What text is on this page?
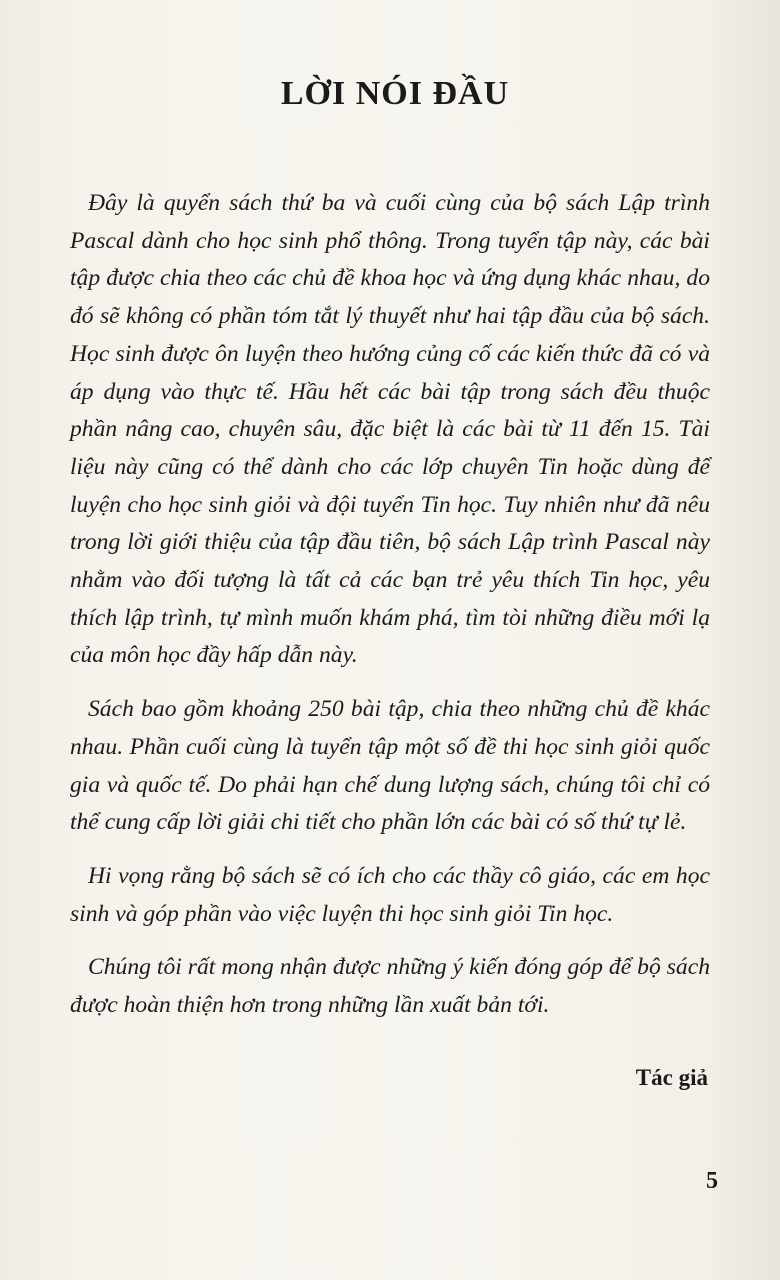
LỜI NÓI ĐẦU

Đây là quyển sách thứ ba và cuối cùng của bộ sách Lập trình Pascal dành cho học sinh phổ thông. Trong tuyển tập này, các bài tập được chia theo các chủ đề khoa học và ứng dụng khác nhau, do đó sẽ không có phần tóm tắt lý thuyết như hai tập đầu của bộ sách. Học sinh được ôn luyện theo hướng củng cố các kiến thức đã có và áp dụng vào thực tế. Hầu hết các bài tập trong sách đều thuộc phần nâng cao, chuyên sâu, đặc biệt là các bài từ 11 đến 15. Tài liệu này cũng có thể dành cho các lớp chuyên Tin hoặc dùng để luyện cho học sinh giỏi và đội tuyển Tin học. Tuy nhiên như đã nêu trong lời giới thiệu của tập đầu tiên, bộ sách Lập trình Pascal này nhằm vào đối tượng là tất cả các bạn trẻ yêu thích Tin học, yêu thích lập trình, tự mình muốn khám phá, tìm tòi những điều mới lạ của môn học đầy hấp dẫn này.

Sách bao gồm khoảng 250 bài tập, chia theo những chủ đề khác nhau. Phần cuối cùng là tuyển tập một số đề thi học sinh giỏi quốc gia và quốc tế. Do phải hạn chế dung lượng sách, chúng tôi chỉ có thể cung cấp lời giải chi tiết cho phần lớn các bài có số thứ tự lẻ.

Hi vọng rằng bộ sách sẽ có ích cho các thầy cô giáo, các em học sinh và góp phần vào việc luyện thi học sinh giỏi Tin học.

Chúng tôi rất mong nhận được những ý kiến đóng góp để bộ sách được hoàn thiện hơn trong những lần xuất bản tới.

Tác giả
5
